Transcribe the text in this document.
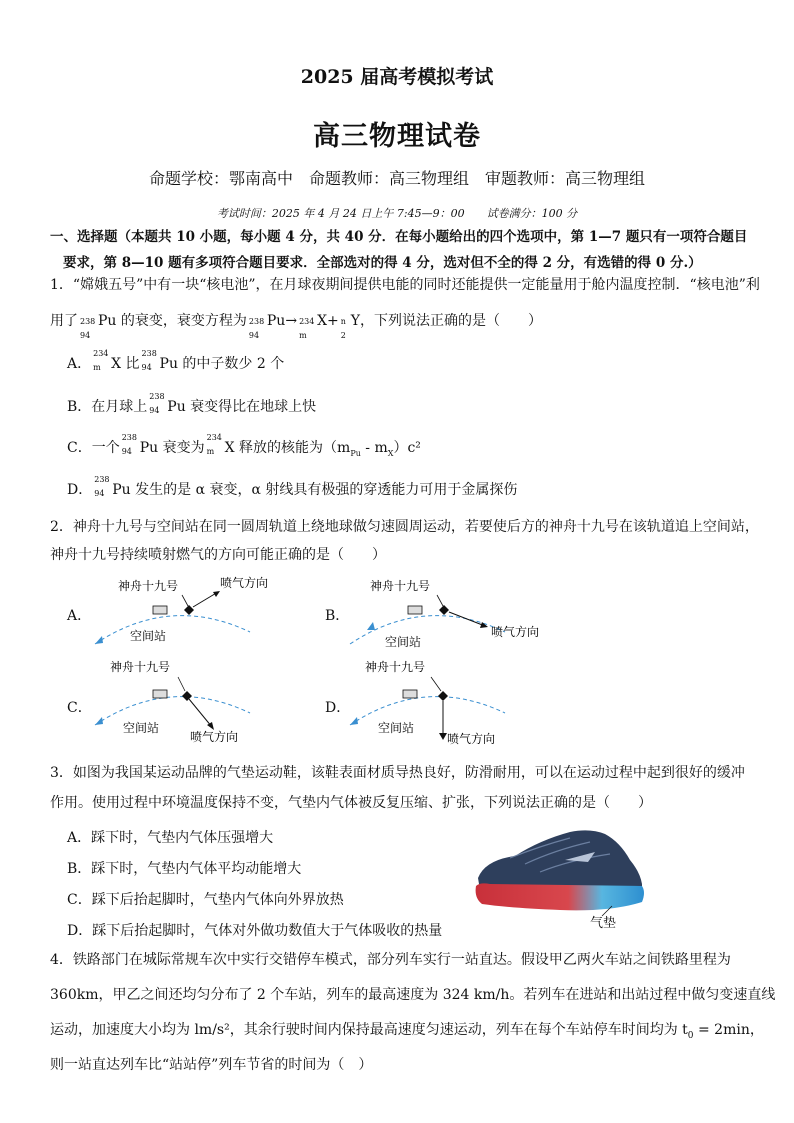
2025 届高考模拟考试
高三物理试卷
命题学校：鄂南高中　命题教师：高三物理组　审题教师：高三物理组
考试时间：2025 年 4 月 24 日上午 7:45—9：00　　试卷满分：100 分
一、选择题（本题共 10 小题，每小题 4 分，共 40 分．在每小题给出的四个选项中，第 1—7 题只有一项符合题目
要求，第 8—10 题有多项符合题目要求．全部选对的得 4 分，选对但不全的得 2 分，有选错的得 0 分.）
1．“嫦娥五号”中有一块“核电池”，在月球夜期间提供电能的同时还能提供一定能量用于舱内温度控制．“核电池”利
用了 238
94
Pu 的衰变，衰变方程为 238
94
Pu→ 234
m
X+ n
2
Y，下列说法正确的是（　　）
A．
234
m X 比
238
94 Pu 的中子数少 2 个
B．在月球上
238
94 Pu 衰变得比在地球上快
C．一个
238
94 Pu 衰变为
234
m X 释放的核能为$(m_{Pu} - m_X)c^2$
D．
238
94 Pu 发生的是 α 衰变，α 射线具有极强的穿透能力可用于金属探伤
2．神舟十九号与空间站在同一圆周轨道上绕地球做匀速圆周运动，若要使后方的神舟十九号在该轨道追上空间站，
神舟十九号持续喷射燃气的方向可能正确的是（　　）
A．
神舟十九号
空间站
喷气方向
B．
神舟十九号
空间站
喷气方向
C．
神舟十九号
空间站
喷气方向
D．
神舟十九号
空间站
喷气方向
3．如图为我国某运动品牌的气垫运动鞋，该鞋表面材质导热良好，防滑耐用，可以在运动过程中起到很好的缓冲
作用。使用过程中环境温度保持不变，气垫内气体被反复压缩、扩张，下列说法正确的是（　　）
A．踩下时，气垫内气体压强增大
B．踩下时，气垫内气体平均动能增大
C．踩下后抬起脚时，气垫内气体向外界放热
D．踩下后抬起脚时，气体对外做功数值大于气体吸收的热量	气垫
4．铁路部门在城际常规车次中实行交错停车模式，部分列车实行一站直达。假设甲乙两火车站之间铁路里程为
360km，甲乙之间还均匀分布了 2 个车站，列车的最高速度为 324 km/h。若列车在进站和出站过程中做匀变速直线
运动，加速度大小均为 lm/s²，其余行驶时间内保持最高速度匀速运动，列车在每个车站停车时间均为 $t_0 = 2\min$，
则一站直达列车比“站站停”列车节省的时间为（　）
